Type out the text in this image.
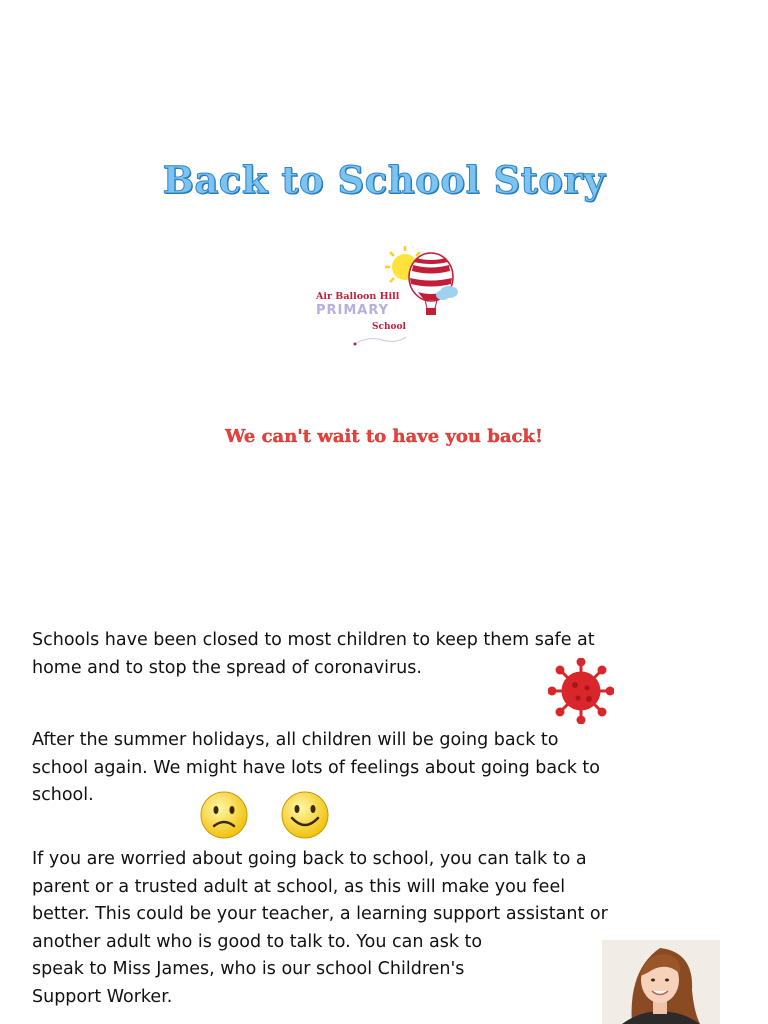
Back to School Story
Air Balloon Hill
PRIMARY
School
We can't wait to have you back!

Schools have been closed to most children to keep them safe at
home and to stop the spread of coronavirus.

After the summer holidays, all children will be going back to
school again. We might have lots of feelings about going back to
school.

If you are worried about going back to school, you can talk to a
parent or a trusted adult at school, as this will make you feel
better. This could be your teacher, a learning support assistant or
another adult who is good to talk to. You can ask to
speak to Miss James, who is our school Children's
Support Worker.
